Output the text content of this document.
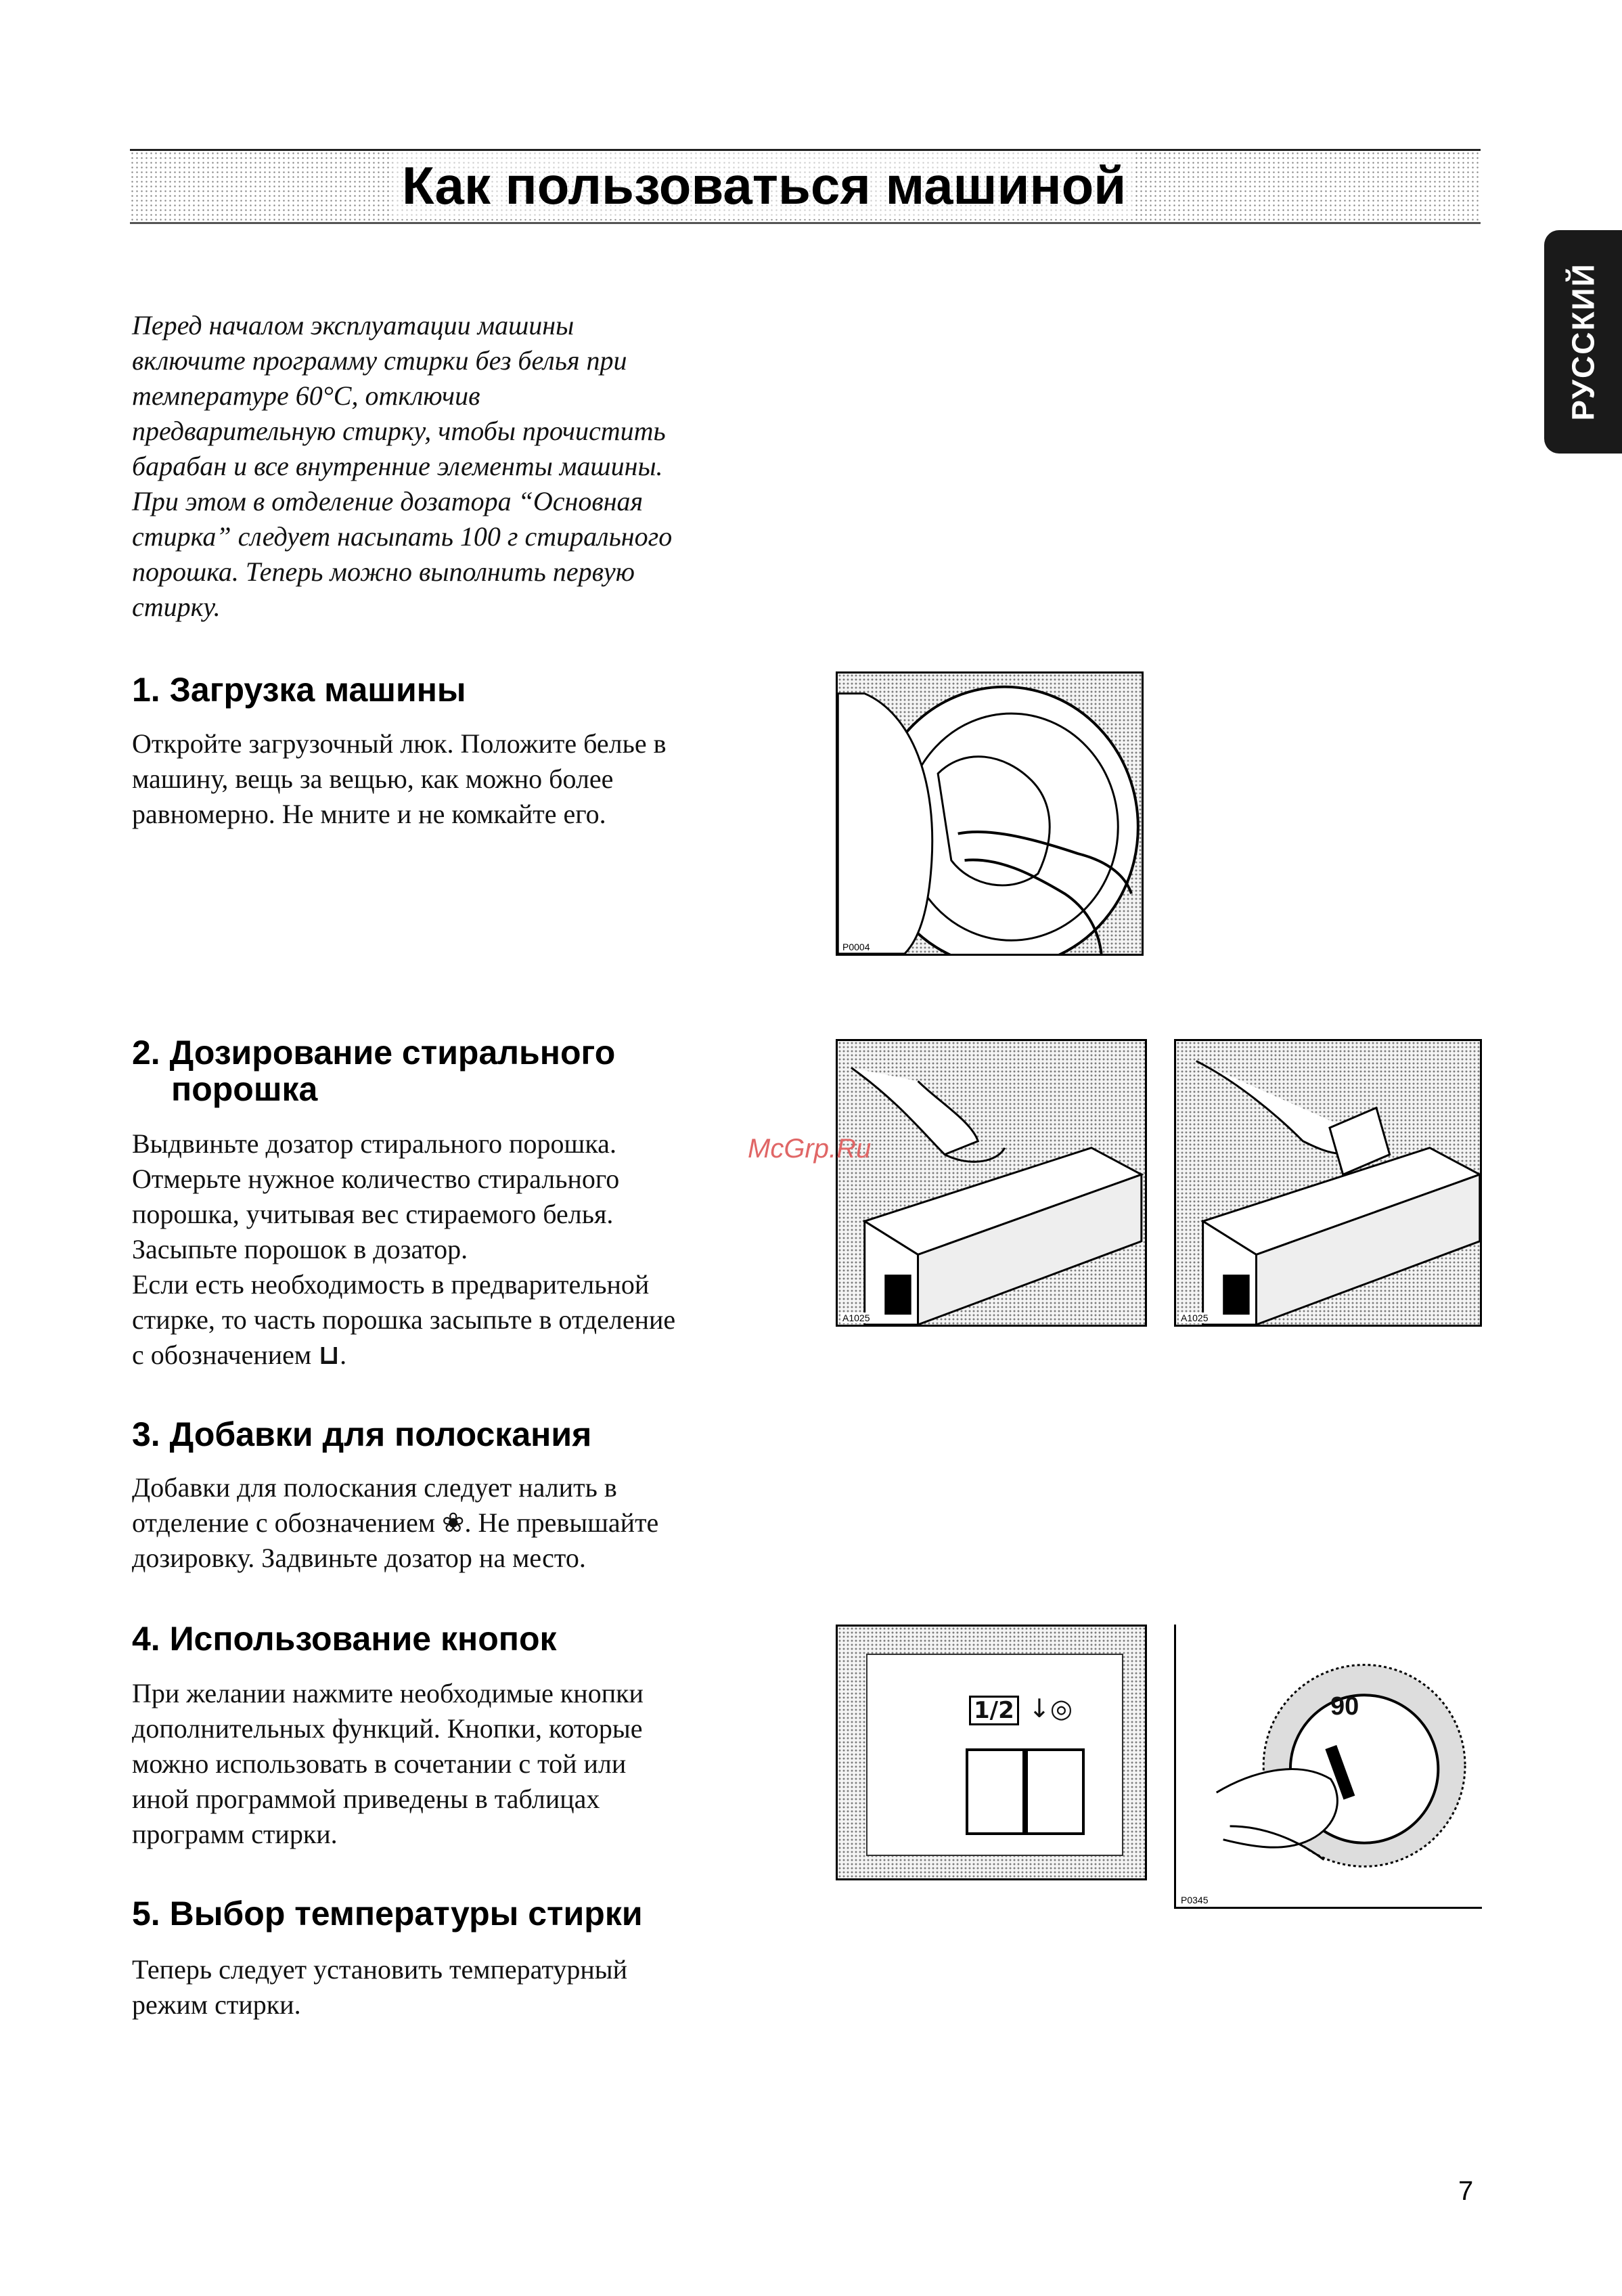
Как пользоваться машиной
РУССКИЙ

Перед началом эксплуатации машины

включите программу стирки без белья при

температуре 60°C, отключив

предварительную стирку, чтобы прочистить

барабан и все внутренние элементы машины.

При этом в отделение дозатора “Основная

стирка” следует насыпать 100 г стирального

порошка. Теперь можно выполнить первую

стирку.

1. Загрузка машины

Откройте загрузочный люк. Положите белье в

машину, вещь за вещью, как можно более

равномерно. Не мните и не комкайте его.

P0004
2. Дозирование стирального
порошка

Выдвиньте дозатор стирального порошка.

Отмерьте нужное количество стирального

порошка, учитывая вес стираемого белья.

Засыпьте порошок в дозатор.

Если есть необходимость в предварительной

стирке, то часть порошка засыпьте в отделение

с обозначением ⊔.

A1025	A1025
McGrp.Ru
3. Добавки для полоскания

Добавки для полоскания следует налить в

отделение с обозначением ❀. Не превышайте

дозировку. Задвиньте дозатор на место.

4. Использование кнопок

При желании нажмите необходимые кнопки

дополнительных функций. Кнопки, которые

можно использовать в сочетании с той или

иной программой приведены в таблицах

программ стирки.

1/2 ↓◎	90
P0345
5. Выбор температуры стирки

Теперь следует установить температурный

режим стирки.

7
